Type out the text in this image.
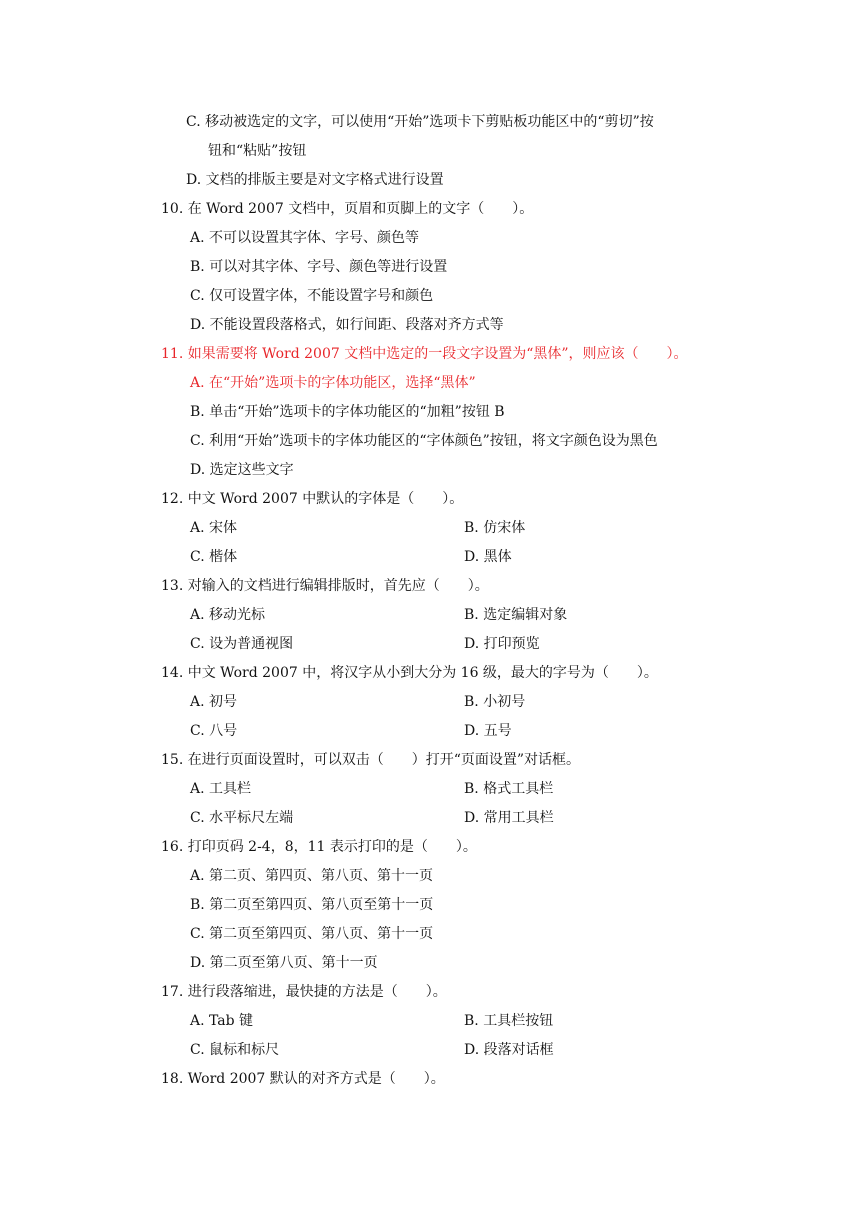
C. 移动被选定的文字，可以使用“开始”选项卡下剪贴板功能区中的“剪切”按
钮和“粘贴”按钮
D. 文档的排版主要是对文字格式进行设置
10. 在 Word 2007 文档中，页眉和页脚上的文字（　　）。
A. 不可以设置其字体、字号、颜色等
B. 可以对其字体、字号、颜色等进行设置
C. 仅可设置字体，不能设置字号和颜色
D. 不能设置段落格式，如行间距、段落对齐方式等
11. 如果需要将 Word 2007 文档中选定的一段文字设置为“黑体”，则应该（　　）。
A. 在“开始”选项卡的字体功能区，选择“黑体”
B. 单击“开始”选项卡的字体功能区的“加粗”按钮 B
C. 利用“开始”选项卡的字体功能区的“字体颜色”按钮，将文字颜色设为黑色
D. 选定这些文字
12. 中文 Word 2007 中默认的字体是（　　）。
A. 宋体	B. 仿宋体
C. 楷体	D. 黑体
13. 对输入的文档进行编辑排版时，首先应（　　）。
A. 移动光标	B. 选定编辑对象
C. 设为普通视图	D. 打印预览
14. 中文 Word 2007 中，将汉字从小到大分为 16 级，最大的字号为（　　）。
A. 初号	B. 小初号
C. 八号	D. 五号
15. 在进行页面设置时，可以双击（　　）打开“页面设置”对话框。
A. 工具栏	B. 格式工具栏
C. 水平标尺左端	D. 常用工具栏
16. 打印页码 2-4，8，11 表示打印的是（　　）。
A. 第二页、第四页、第八页、第十一页
B. 第二页至第四页、第八页至第十一页
C. 第二页至第四页、第八页、第十一页
D. 第二页至第八页、第十一页
17. 进行段落缩进，最快捷的方法是（　　）。
A. Tab 键	B. 工具栏按钮
C. 鼠标和标尺	D. 段落对话框
18. Word 2007 默认的对齐方式是（　　）。
